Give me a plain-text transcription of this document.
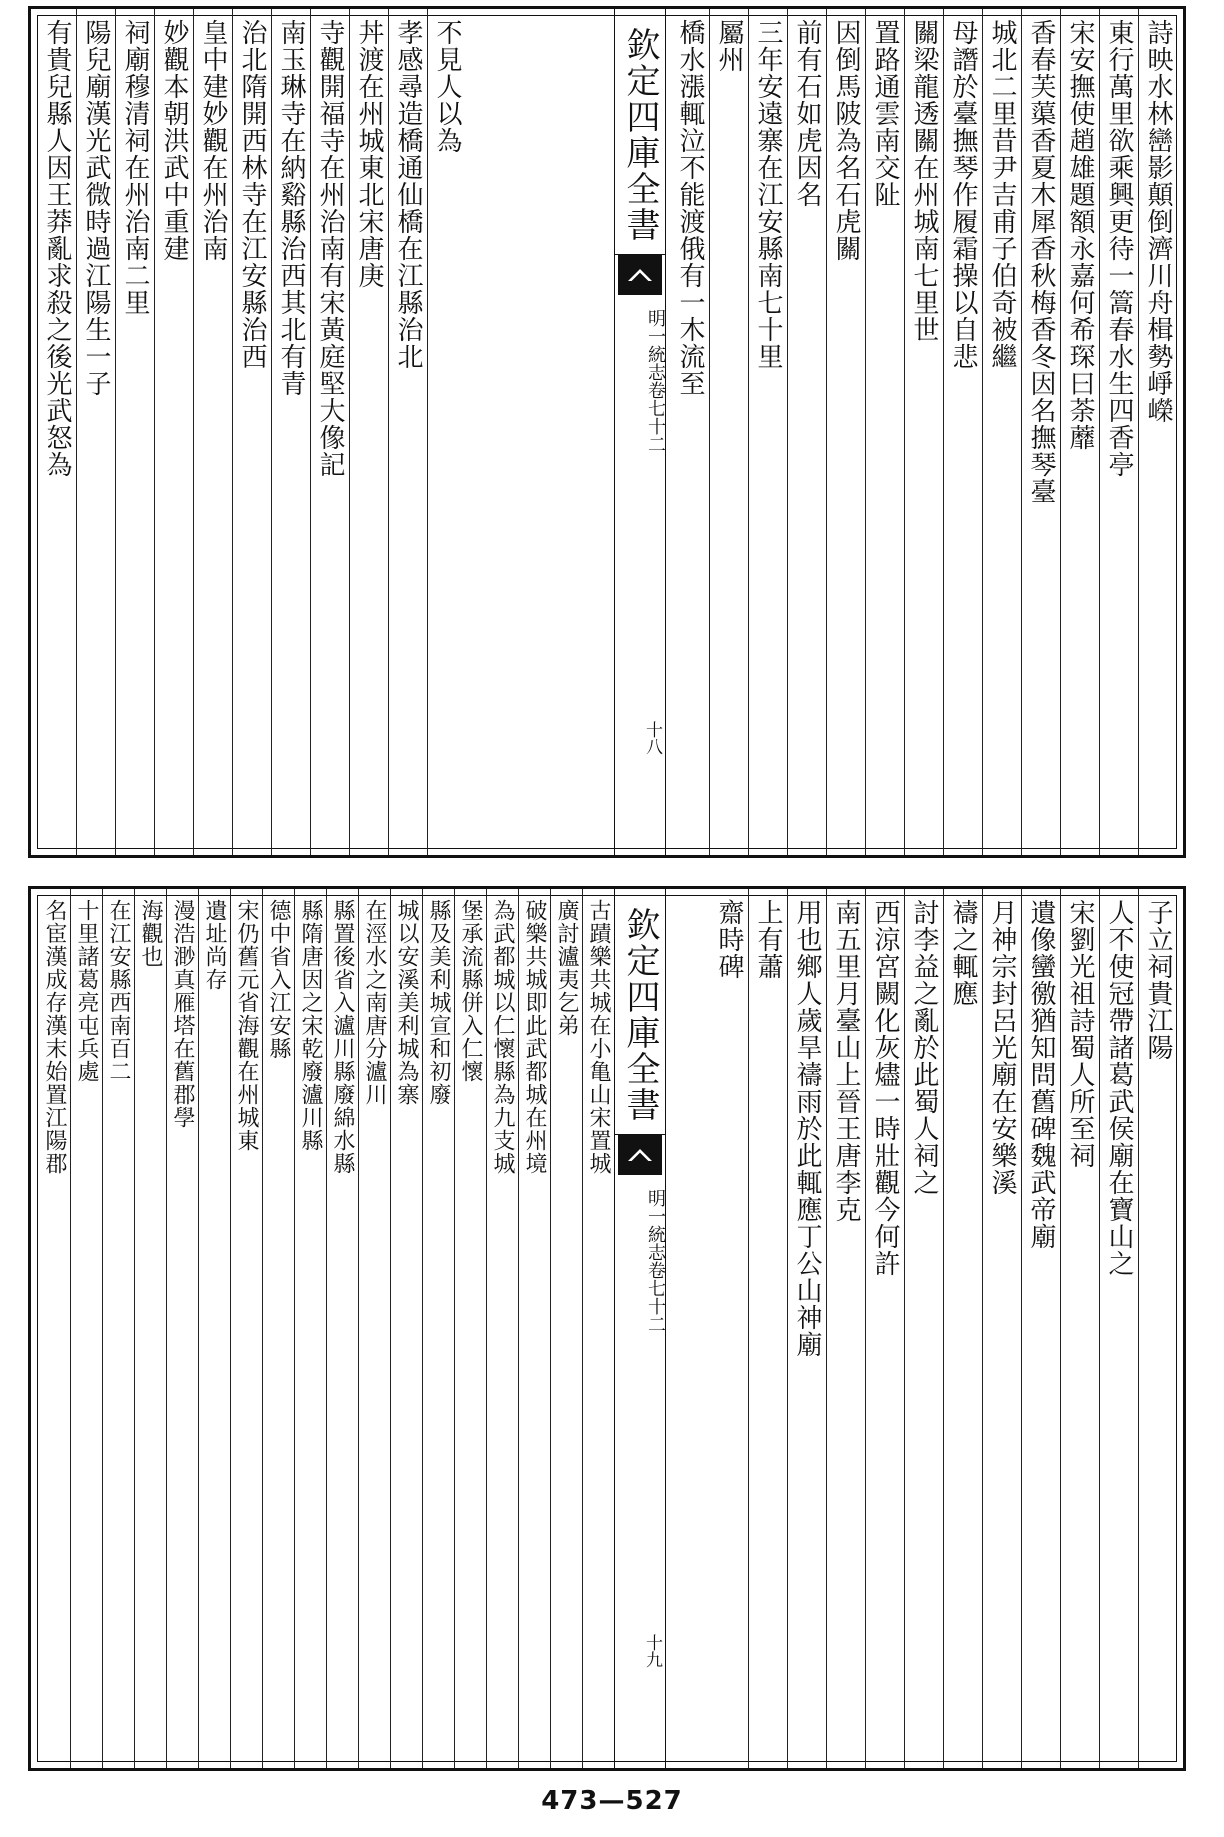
詩映水林巒影顛倒濟川舟楫勢崢嶸
東行萬里欲乘興更待一篙春水生四香亭
宋安撫使趙雄題額永嘉何希琛曰荼蘼
香春芙蕖香夏木犀香秋梅香冬因名撫琴臺
城北二里昔尹吉甫子伯奇被繼
母譖於臺撫琴作履霜操以自悲
關梁龍透關在州城南七里世
置路通雲南交阯
因倒馬陂為名石虎關
前有石如虎因名
三年安遠寨在江安縣南七十里
屬州
橋水漲輒泣不能渡俄有一木流至
欽定四庫全書
明一統志
卷七十二
十八
不見人以為
孝感尋造橋通仙橋在江縣治北
丼渡在州城東北宋唐庚
寺觀開福寺在州治南有宋黃庭堅大像記
南玉琳寺在納谿縣治西其北有青
治北隋開西林寺在江安縣治西
皇中建妙觀在州治南
妙觀本朝洪武中重建
祠廟穆清祠在州治南二里
陽兒廟漢光武微時過江陽生一子
有貴兒縣人因王莽亂求殺之後光武怒為
子立祠貴江陽
人不使冠帶諸葛武侯廟在寶山之
宋劉光祖詩蜀人所至祠
遺像蠻徼猶知問舊碑魏武帝廟
月神宗封呂光廟在安樂溪
禱之輒應
討李益之亂於此蜀人祠之
西涼宮闕化灰燼一時壯觀今何許
南五里月臺山上晉王唐李克
用也鄉人歲旱禱雨於此輒應丁公山神廟
上有蕭
齋時碑
欽定四庫全書
明一統志
卷七十二
十九
古蹟樂共城在小亀山宋置城
廣討瀘夷乞弟
破樂共城即此武都城在州境
為武都城以仁懷縣為九支城
堡承流縣併入仁懷
縣及美利城宣和初廢
城以安溪美利城為寨
在涇水之南唐分瀘川
縣置後省入瀘川縣廢綿水縣
縣隋唐因之宋乾廢瀘川縣
德中省入江安縣
宋仍舊元省海觀在州城東
遺址尚存
漫浩渺真雁塔在舊郡學
海觀也
在江安縣西南百二
十里諸葛亮屯兵處
名宦漢成存漢末始置江陽郡
473—527
